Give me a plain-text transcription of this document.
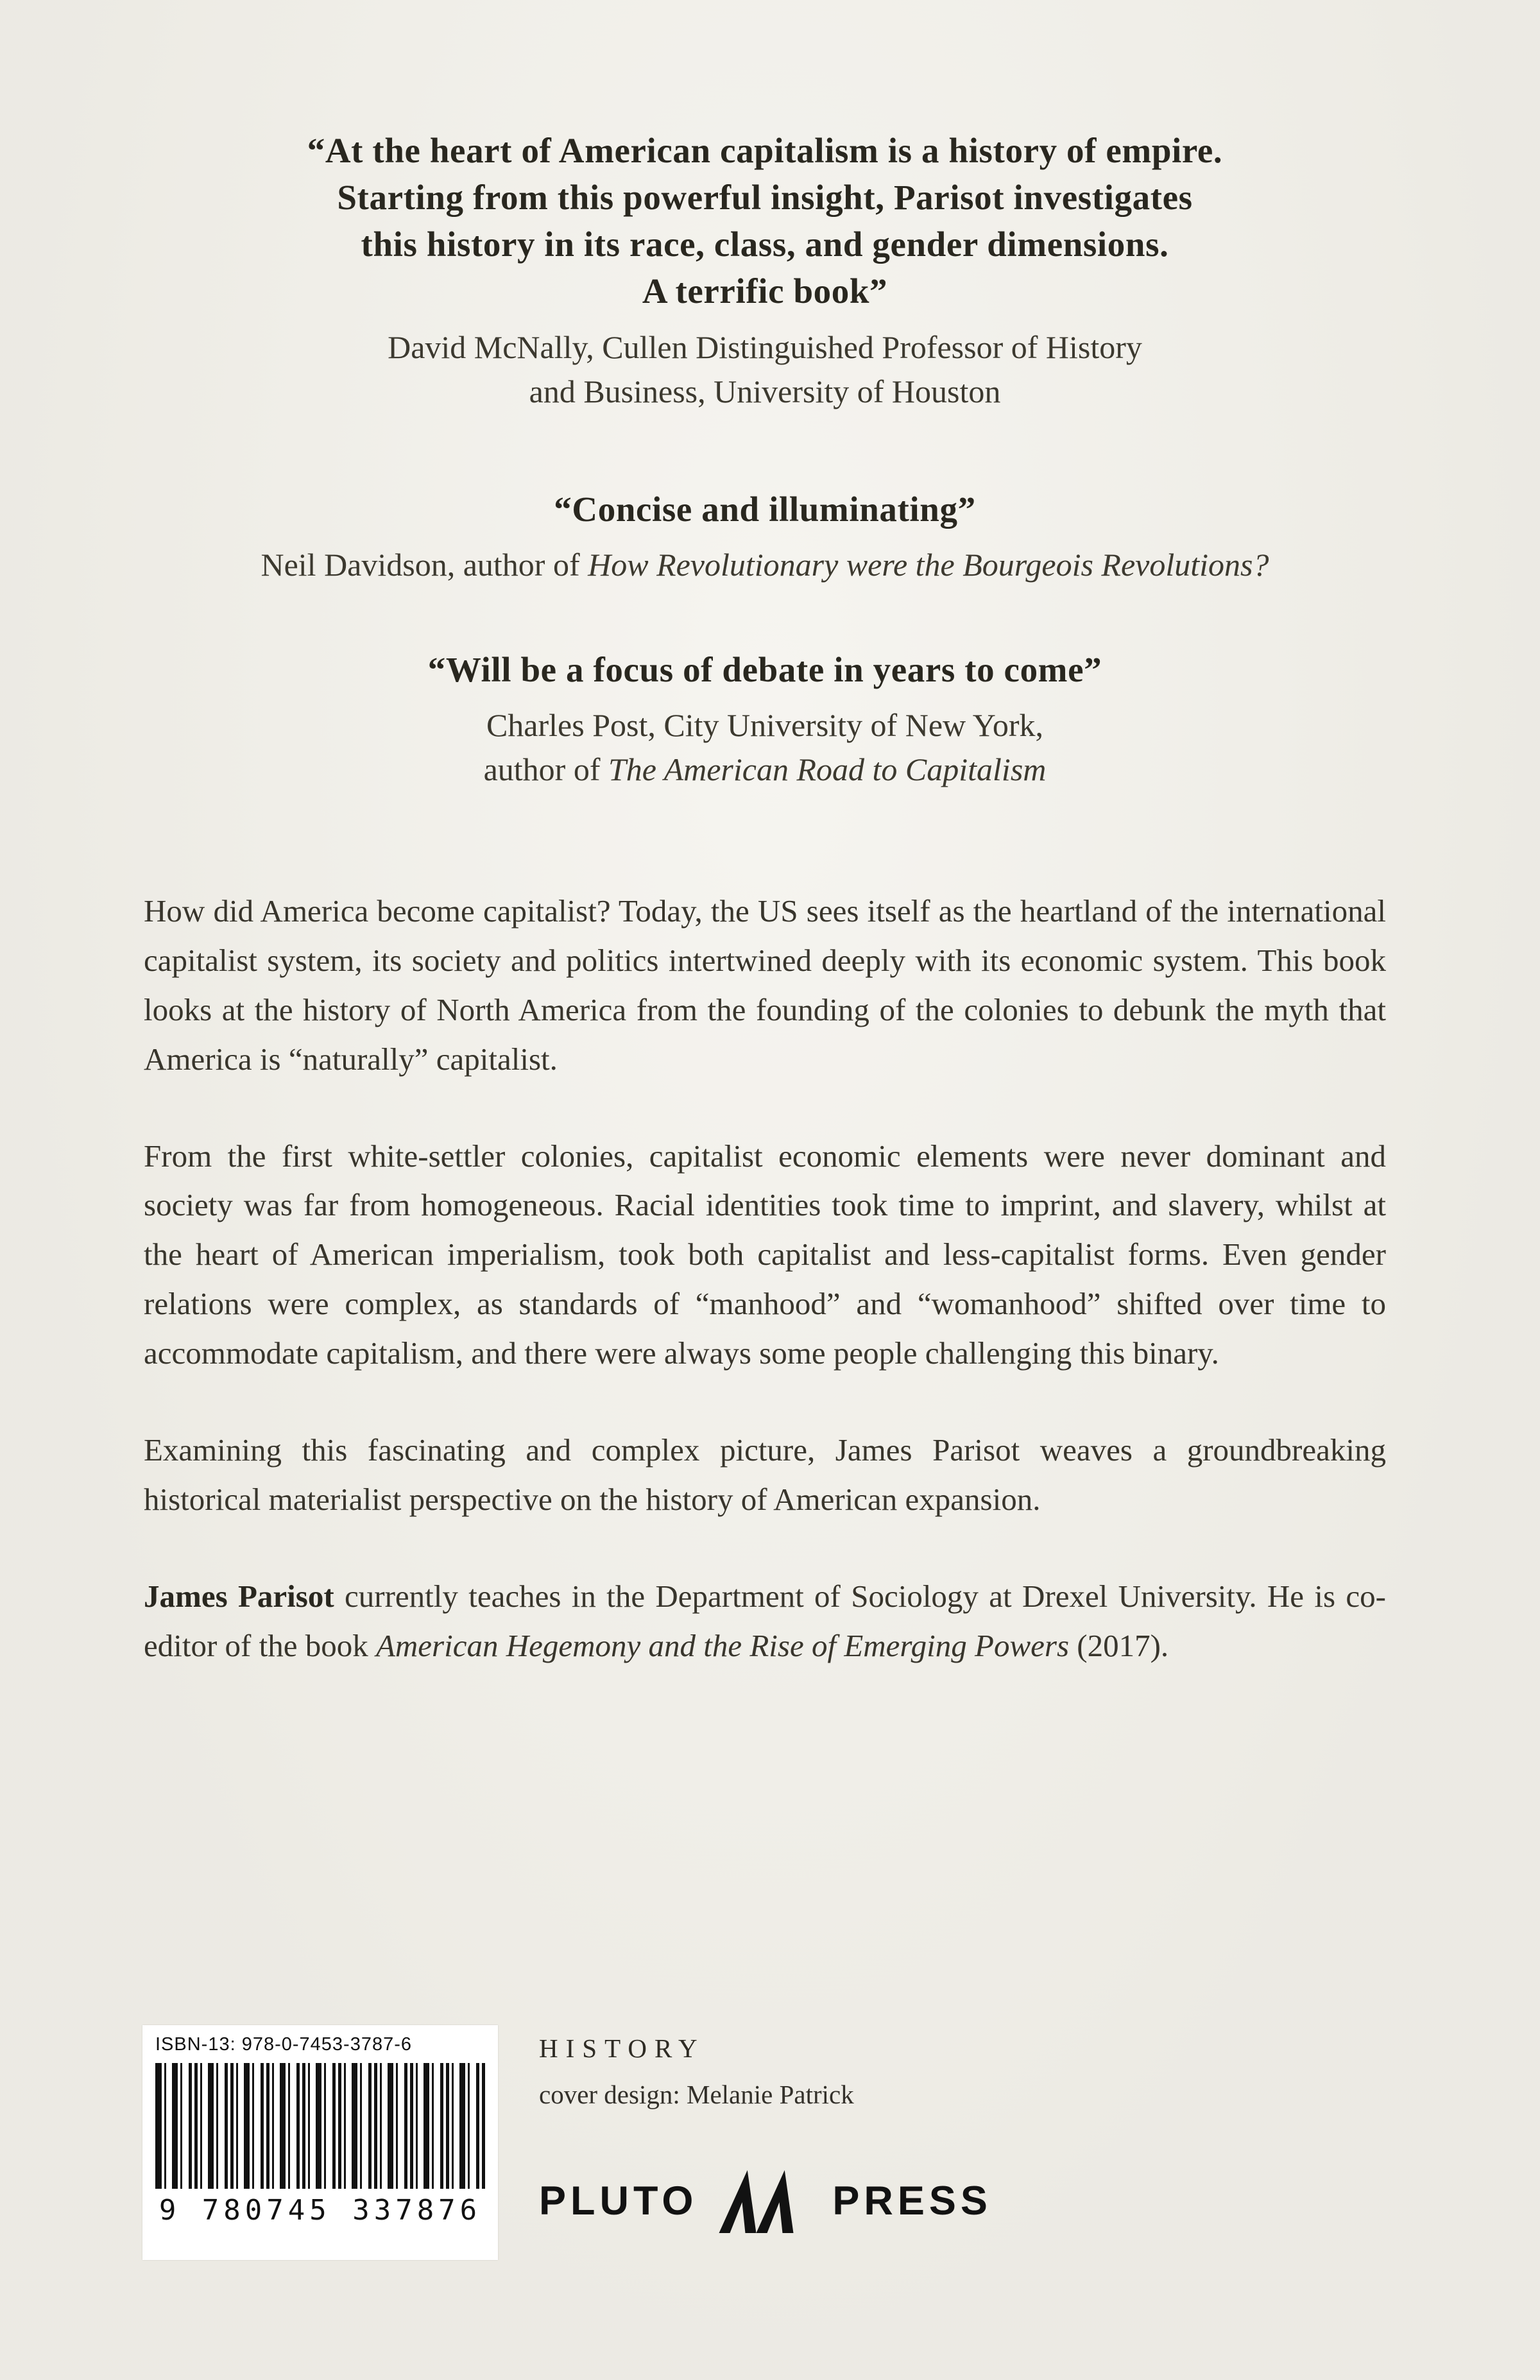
“At the heart of American capitalism is a history of empire.
Starting from this powerful insight, Parisot investigates
this history in its race, class, and gender dimensions.
A terrific book”
David McNally, Cullen Distinguished Professor of History
and Business, University of Houston
“Concise and illuminating”
Neil Davidson, author of How Revolutionary were the Bourgeois Revolutions?
“Will be a focus of debate in years to come”
Charles Post, City University of New York,
author of The American Road to Capitalism

How did America become capitalist? Today, the US sees itself as the heartland of the international capitalist system, its society and politics intertwined deeply with its economic system. This book looks at the history of North America from the founding of the colonies to debunk the myth that America is “naturally” capitalist.

From the first white-settler colonies, capitalist economic elements were never dominant and society was far from homogeneous. Racial identities took time to imprint, and slavery, whilst at the heart of American imperialism, took both capitalist and less-capitalist forms. Even gender relations were complex, as standards of “manhood” and “womanhood” shifted over time to accommodate capitalism, and there were always some people challenging this binary.

Examining this fascinating and complex picture, James Parisot weaves a groundbreaking historical materialist perspective on the history of American expansion.

James Parisot currently teaches in the Department of Sociology at Drexel University. He is co-editor of the book American Hegemony and the Rise of Emerging Powers (2017).

ISBN-13: 978-0-7453-3787-6
9 780745 337876
HISTORY
cover design: Melanie Patrick
PLUTO	PRESS
